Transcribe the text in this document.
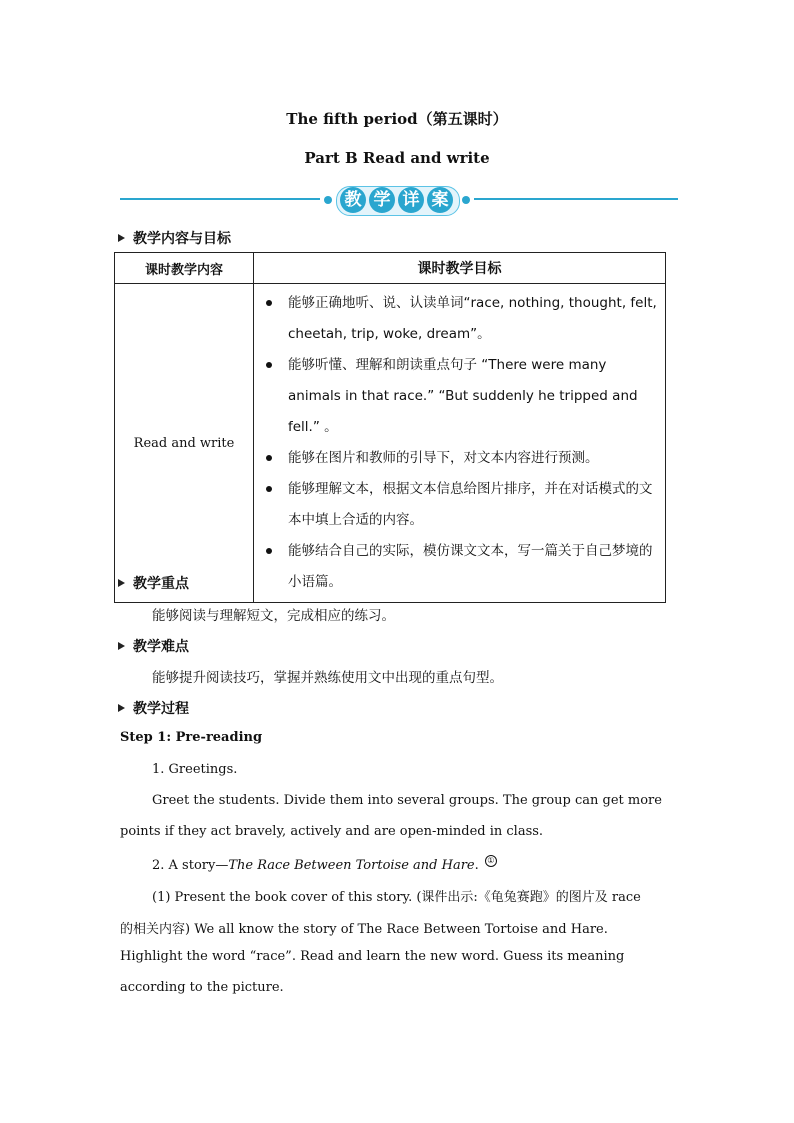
The fifth period（第五课时）
Part B Read and write
教 学 详 案
教学内容与目标
课时教学内容	课时教学目标
Read and write	能够正确地听、说、认读单词“race, nothing, thought, felt, cheetah, trip, woke, dream”。
能够听懂、理解和朗读重点句子 “There were many animals in that race.” “But suddenly he tripped and fell.” 。
能够在图片和教师的引导下，对文本内容进行预测。
能够理解文本，根据文本信息给图片排序，并在对话模式的文本中填上合适的内容。
能够结合自己的实际，模仿课文文本，写一篇关于自己梦境的小语篇。
教学重点
能够阅读与理解短文，完成相应的练习。
教学难点
能够提升阅读技巧，掌握并熟练使用文中出现的重点句型。
教学过程
Step 1: Pre-reading
1. Greetings.
Greet the students. Divide them into several groups. The group can get more
points if they act bravely, actively and are open-minded in class.
2. A story—The Race Between Tortoise and Hare. ①
(1) Present the book cover of this story. (课件出示:《龟兔赛跑》的图片及 race
的相关内容) We all know the story of The Race Between Tortoise and Hare.
Highlight the word “race”. Read and learn the new word. Guess its meaning
according to the picture.
